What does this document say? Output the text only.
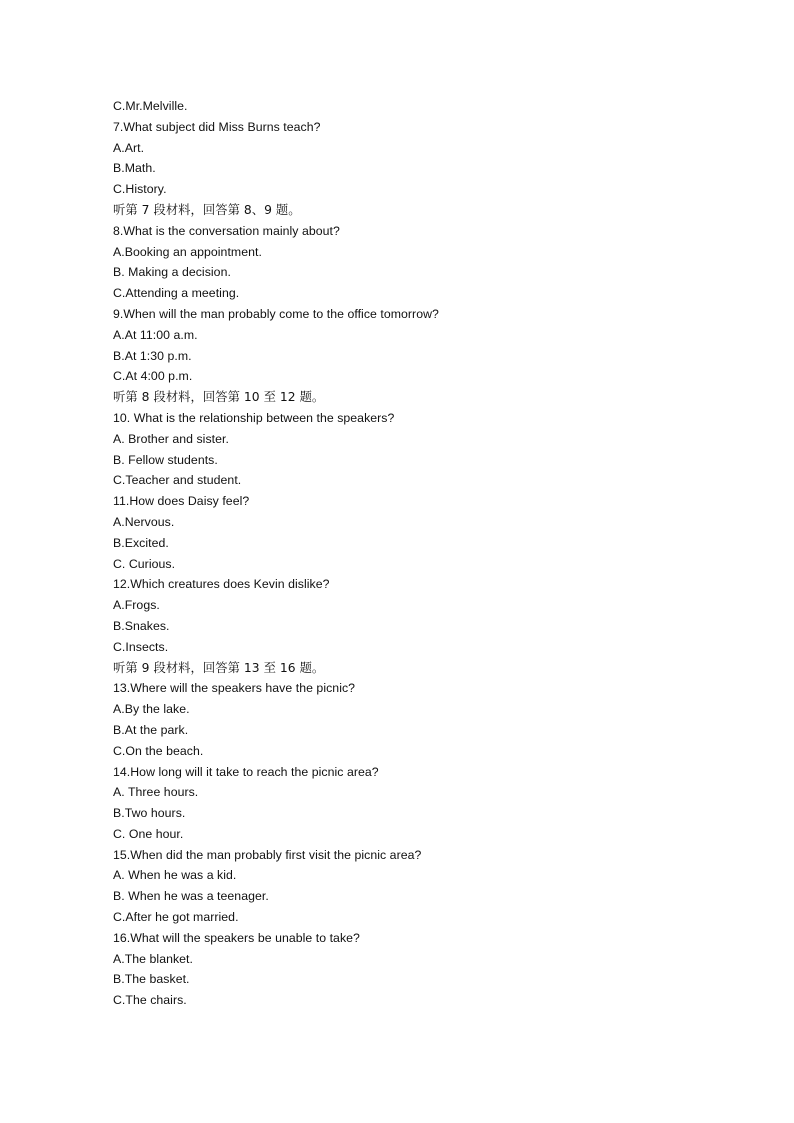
C.Mr.Melville.
7.What subject did Miss Burns teach?
A.Art.
B.Math.
C.History.
听第 7 段材料，回答第 8、9 题。
8.What is the conversation mainly about?
A.Booking an appointment.
B. Making a decision.
C.Attending a meeting.
9.When will the man probably come to the office tomorrow?
A.At 11:00 a.m.
B.At 1:30 p.m.
C.At 4:00 p.m.
听第 8 段材料，回答第 10 至 12 题。
10. What is the relationship between the speakers?
A. Brother and sister.
B. Fellow students.
C.Teacher and student.
11.How does Daisy feel?
A.Nervous.
B.Excited.
C. Curious.
12.Which creatures does Kevin dislike?
A.Frogs.
B.Snakes.
C.Insects.
听第 9 段材料，回答第 13 至 16 题。
13.Where will the speakers have the picnic?
A.By the lake.
B.At the park.
C.On the beach.
14.How long will it take to reach the picnic area?
A. Three hours.
B.Two hours.
C. One hour.
15.When did the man probably first visit the picnic area?
A. When he was a kid.
B. When he was a teenager.
C.After he got married.
16.What will the speakers be unable to take?
A.The blanket.
B.The basket.
C.The chairs.
